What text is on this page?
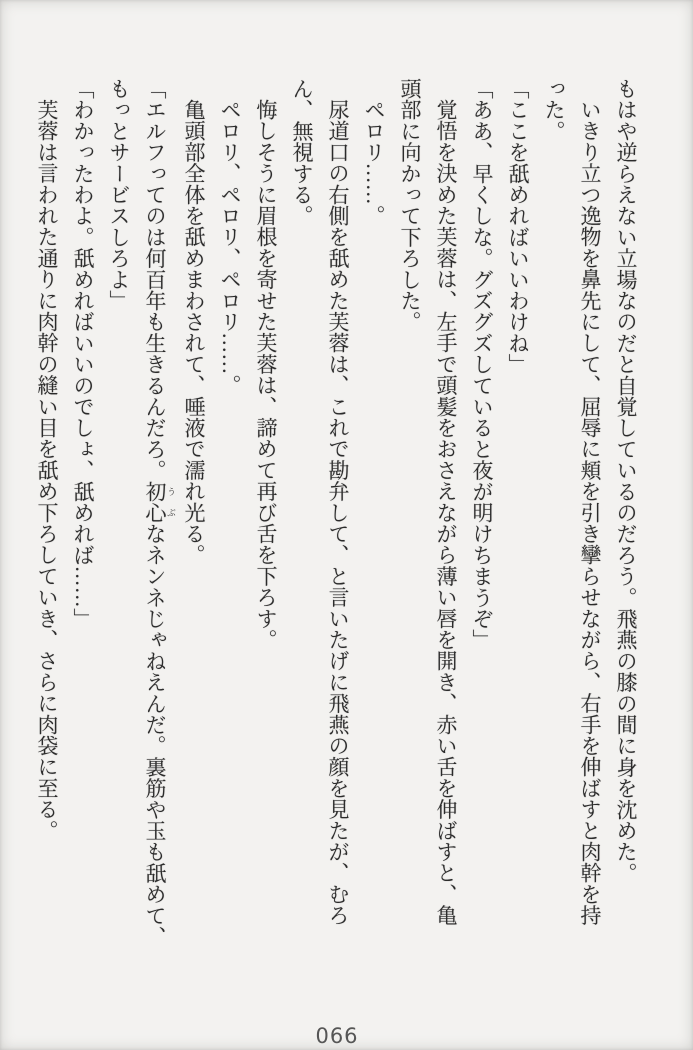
もはや逆らえない立場なのだと自覚しているのだろう。飛燕の膝の間に身を沈めた。
いきり立つ逸物を鼻先にして、屈辱に頬を引き攣らせながら、右手を伸ばすと肉幹を持
った。
「ここを舐めればいいわけね」
「ああ、早くしな。グズグズしていると夜が明けちまうぞ」
覚悟を決めた芙蓉は、左手で頭髪をおさえながら薄い唇を開き、赤い舌を伸ばすと、亀
頭部に向かって下ろした。
ペロリ……。
尿道口の右側を舐めた芙蓉は、これで勘弁して、と言いたげに飛燕の顔を見たが、むろ
ん、無視する。
悔しそうに眉根を寄せた芙蓉は、諦めて再び舌を下ろす。
ペロリ、ペロリ、ペロリ……。
亀頭部全体を舐めまわされて、唾液で濡れ光る。
「エルフってのは何百年も生きるんだろ。初心 うぶなネンネじゃねえんだ。裏筋や玉も舐めて、
もっとサービスしろよ」
「わかったわよ。舐めればいいのでしょ、舐めれば……」
芙蓉は言われた通りに肉幹の縫い目を舐め下ろしていき、さらに肉袋に至る。
066
